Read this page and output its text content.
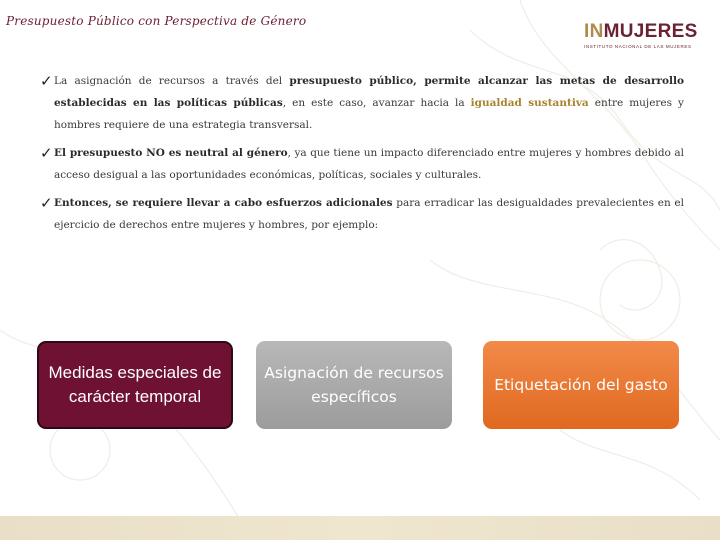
Presupuesto Público con Perspectiva de Género	INMUJERES
INSTITUTO NACIONAL DE LAS MUJERES
✓ La asignación de recursos a través del presupuesto público, permite alcanzar las metas de desarrollo establecidas en las políticas públicas, en este caso, avanzar hacia la igualdad sustantiva entre mujeres y hombres requiere de una estrategia transversal.
✓ El presupuesto NO es neutral al género, ya que tiene un impacto diferenciado entre mujeres y hombres debido al acceso desigual a las oportunidades económicas, políticas, sociales y culturales.
✓ Entonces, se requiere llevar a cabo esfuerzos adicionales para erradicar las desigualdades prevalecientes en el ejercicio de derechos entre mujeres y hombres, por ejemplo:
Medidas especiales de carácter temporal
Asignación de recursos específicos
Etiquetación del gasto
